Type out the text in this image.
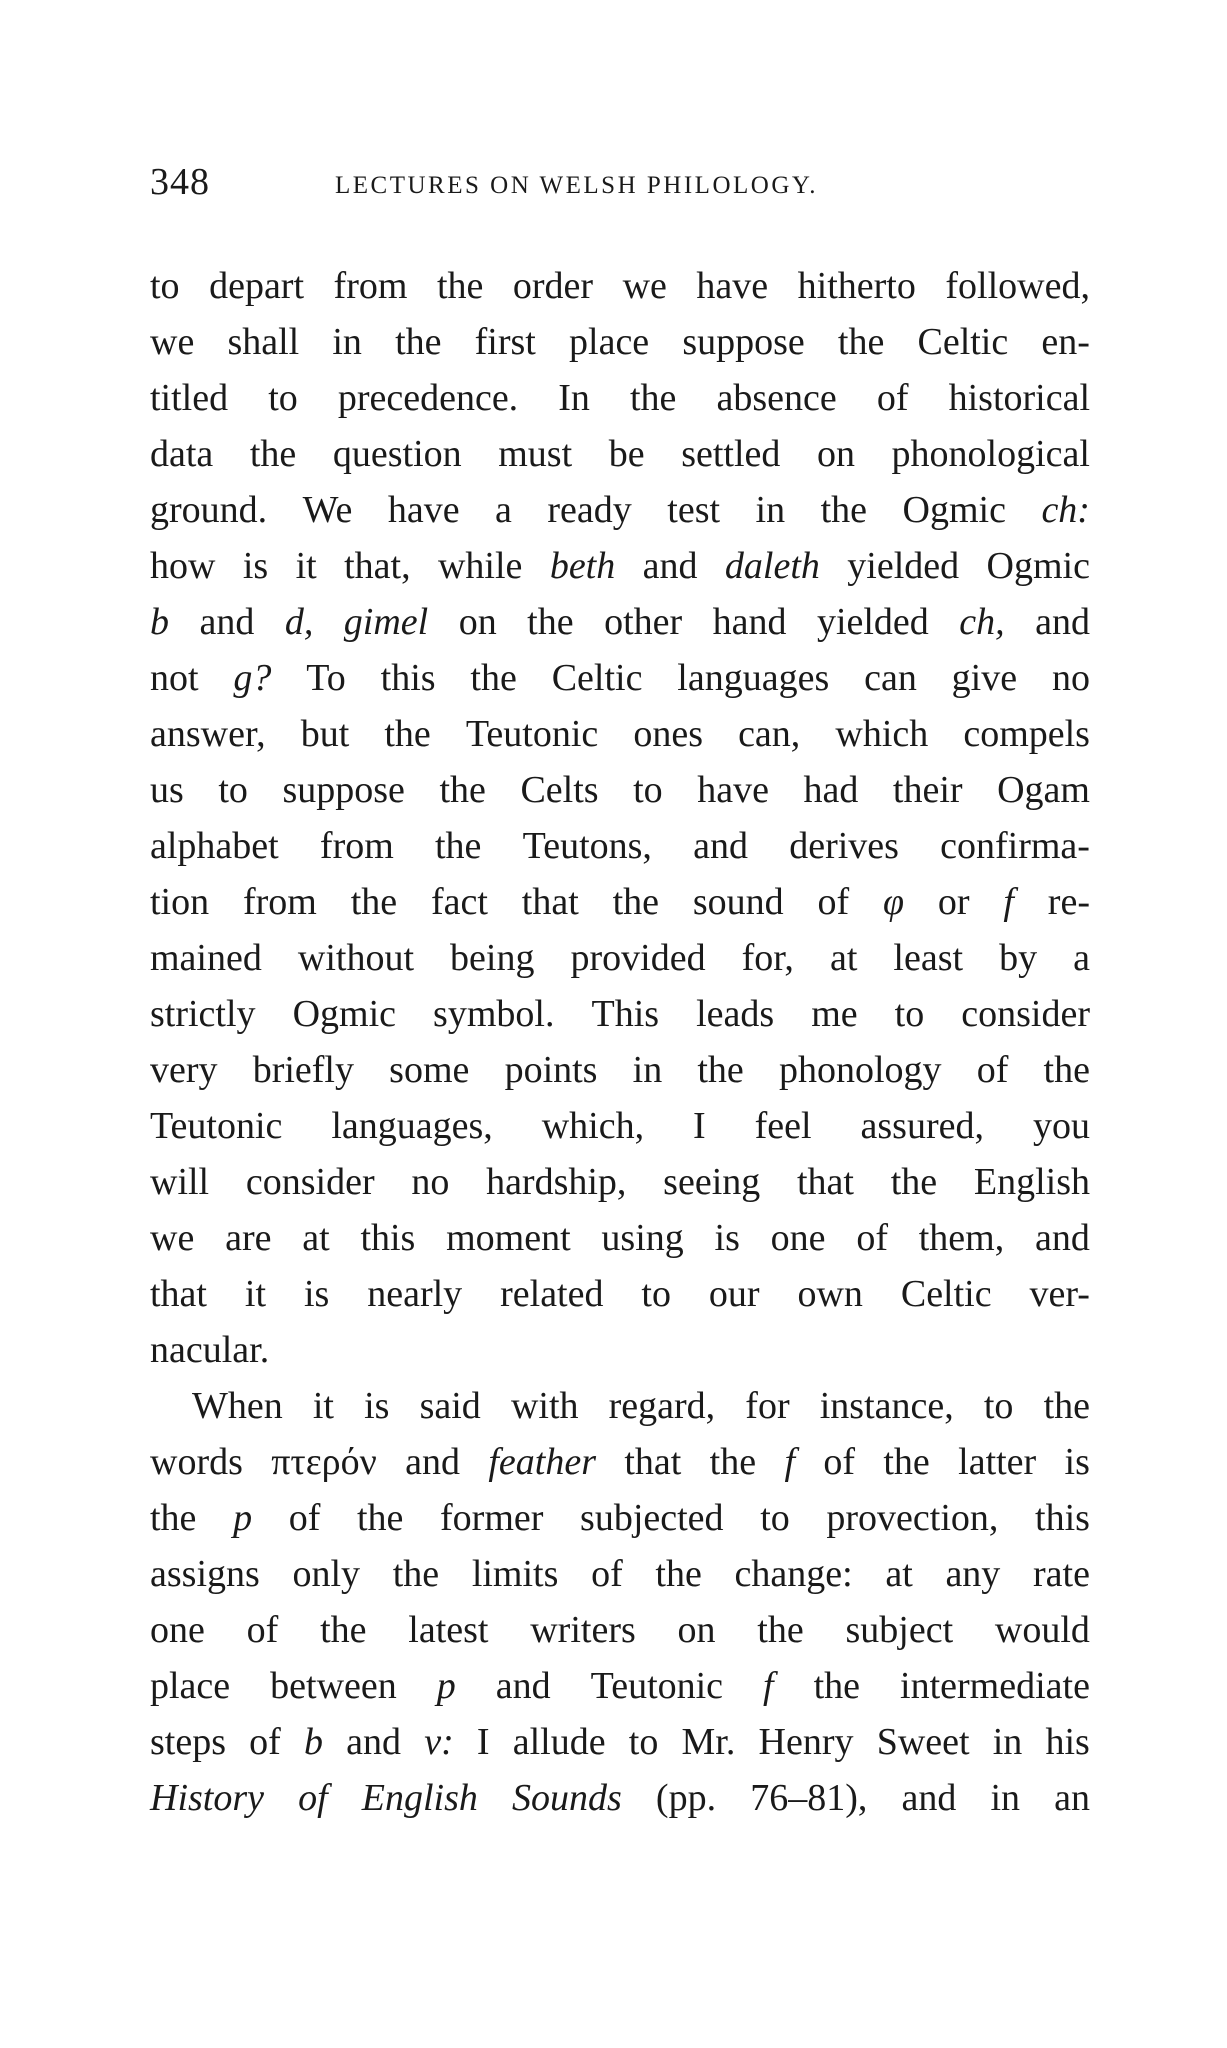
348	LECTURES ON WELSH PHILOLOGY.
to depart from the order we have hitherto followed,
we shall in the first place suppose the Celtic en-
titled to precedence. In the absence of historical
data the question must be settled on phonological
ground. We have a ready test in the Ogmic ch:
how is it that, while beth and daleth yielded Ogmic
b and d, gimel on the other hand yielded ch, and
not g? To this the Celtic languages can give no
answer, but the Teutonic ones can, which compels
us to suppose the Celts to have had their Ogam
alphabet from the Teutons, and derives confirma-
tion from the fact that the sound of φ or f re-
mained without being provided for, at least by a
strictly Ogmic symbol. This leads me to consider
very briefly some points in the phonology of the
Teutonic languages, which, I feel assured, you
will consider no hardship, seeing that the English
we are at this moment using is one of them, and
that it is nearly related to our own Celtic ver-
nacular.
When it is said with regard, for instance, to the
words πτερόν and feather that the f of the latter is
the p of the former subjected to provection, this
assigns only the limits of the change: at any rate
one of the latest writers on the subject would
place between p and Teutonic f the intermediate
steps of b and v: I allude to Mr. Henry Sweet in his
History of English Sounds (pp. 76–81), and in an
